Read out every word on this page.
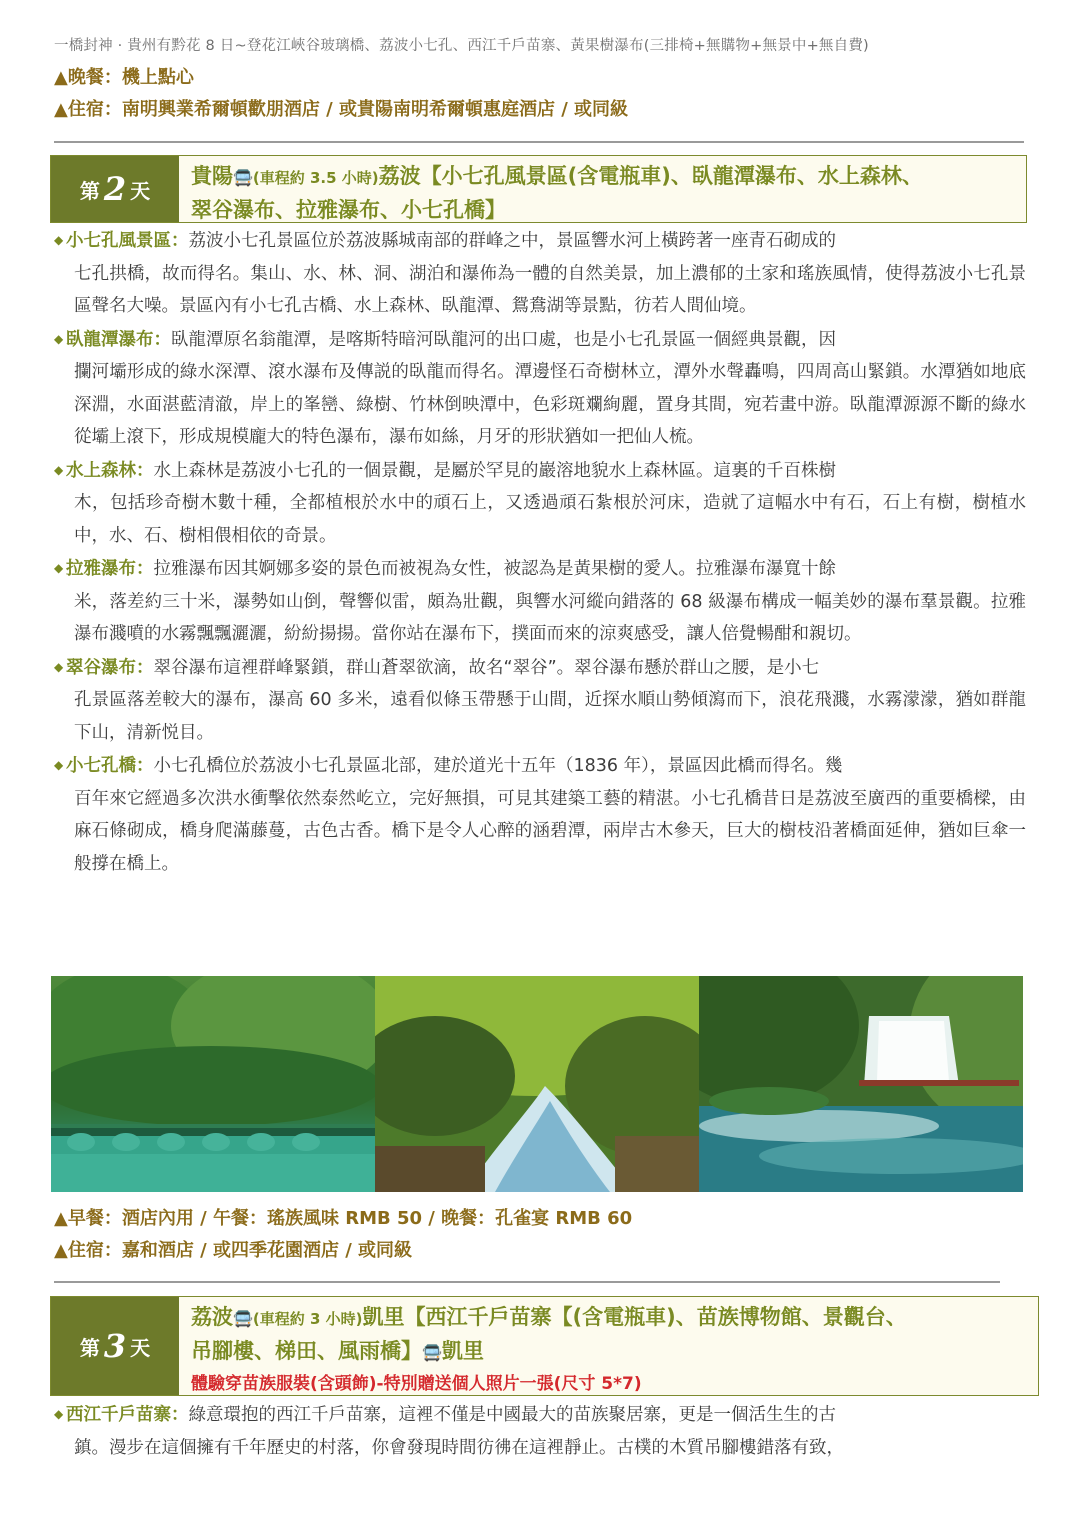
一橋封神 · 貴州有黔花 8 日~登花江峽谷玻璃橋、荔波小七孔、西江千戶苗寨、黃果樹瀑布(三排椅+無購物+無景中+無自費)
▲晚餐：機上點心
▲住宿：南明興業希爾頓歡朋酒店 / 或貴陽南明希爾頓惠庭酒店 / 或同級
第 2 天
貴陽🚍(車程約 3.5 小時)荔波【小七孔風景區(含電瓶車)、臥龍潭瀑布、水上森林、
翠谷瀑布、拉雅瀑布、小七孔橋】

◆ 小七孔風景區：荔波小七孔景區位於荔波縣城南部的群峰之中，景區響水河上橫跨著一座青石砌成的
七孔拱橋，故而得名。集山、水、林、洞、湖泊和瀑佈為一體的自然美景，加上濃郁的土家和瑤族風情，使得荔波小七孔景區聲名大噪。景區內有小七孔古橋、水上森林、臥龍潭、鴛鴦湖等景點，彷若人間仙境。

◆ 臥龍潭瀑布：臥龍潭原名翁龍潭，是喀斯特暗河臥龍河的出口處，也是小七孔景區一個經典景觀，因
攔河壩形成的綠水深潭、滾水瀑布及傳説的臥龍而得名。潭邊怪石奇樹林立，潭外水聲轟鳴，四周高山緊鎖。水潭猶如地底深淵，水面湛藍清澈，岸上的峯巒、綠樹、竹林倒映潭中，色彩斑斕絢麗，置身其間，宛若畫中游。臥龍潭源源不斷的綠水從壩上滾下，形成規模龐大的特色瀑布，瀑布如絲，月牙的形狀猶如一把仙人梳。

◆ 水上森林：水上森林是荔波小七孔的一個景觀，是屬於罕見的巖溶地貌水上森林區。這裏的千百株樹
木，包括珍奇樹木數十種，全都植根於水中的頑石上，又透過頑石紮根於河床，造就了這幅水中有石，石上有樹，樹植水中，水、石、樹相偎相依的奇景。

◆ 拉雅瀑布：拉雅瀑布因其婀娜多姿的景色而被視為女性，被認為是黃果樹的愛人。拉雅瀑布瀑寬十餘
米，落差約三十米，瀑勢如山倒，聲響似雷，頗為壯觀，與響水河縱向錯落的 68 級瀑布構成一幅美妙的瀑布羣景觀。拉雅瀑布濺噴的水霧飄飄灑灑，紛紛揚揚。當你站在瀑布下，撲面而來的涼爽感受，讓人倍覺暢酣和親切。

◆ 翠谷瀑布：翠谷瀑布這裡群峰緊鎖，群山蒼翠欲滴，故名“翠谷”。翠谷瀑布懸於群山之腰，是小七
孔景區落差較大的瀑布，瀑高 60 多米，遠看似條玉帶懸于山間，近探水順山勢傾瀉而下，浪花飛濺，水霧濛濛，猶如群龍下山，清新悦目。

◆ 小七孔橋：小七孔橋位於荔波小七孔景區北部，建於道光十五年（1836 年），景區因此橋而得名。幾
百年來它經過多次洪水衝擊依然泰然屹立，完好無損，可見其建築工藝的精湛。小七孔橋昔日是荔波至廣西的重要橋樑，由麻石條砌成，橋身爬滿藤蔓，古色古香。橋下是令人心醉的涵碧潭，兩岸古木參天，巨大的樹枝沿著橋面延伸，猶如巨傘一般撐在橋上。

▲早餐：酒店內用 / 午餐：瑤族風味 RMB 50 / 晚餐：孔雀宴 RMB 60
▲住宿：嘉和酒店 / 或四季花園酒店 / 或同級
第 3 天
荔波🚍(車程約 3 小時)凱里【西江千戶苗寨【(含電瓶車)、苗族博物館、景觀台、
吊腳樓、梯田、風雨橋】🚍凱里
體驗穿苗族服裝(含頭飾)-特別贈送個人照片一張(尺寸 5*7)

◆ 西江千戶苗寨：綠意環抱的西江千戶苗寨，這裡不僅是中國最大的苗族聚居寨，更是一個活生生的古
鎮。漫步在這個擁有千年歷史的村落，你會發現時間彷彿在這裡靜止。古樸的木質吊腳樓錯落有致，
